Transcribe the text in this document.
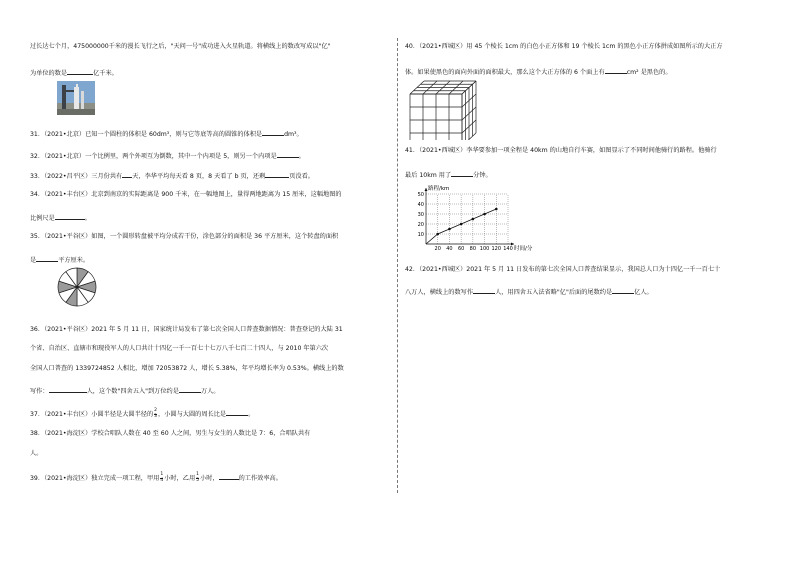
过长达七个月，475000000千米的漫长飞行之后，"天问一号"成功进入火星轨道。将横线上的数改写成以"亿"
为单位的数是	亿千米。
31．（2021•北京）已知一个圆柱的体积是 60dm³，则与它等底等高的圆锥的体积是	dm³。
32．（2021•北京）一个比例里，两个外项互为倒数，其中一个内项是 5，则另一个内项是	。
33．（2022•昌平区）三月份共有 天，李华平均每天看 8 页，8 天看了 b 页，还剩	页没看。
34．（2021•丰台区）北京到南京的实际距离是 900 千米，在一幅地图上，量得两地距离为 15 厘米，这幅地图的
比例尺是	。
35．（2021•平谷区）如图，一个圆形转盘被平均分成若干份，涂色部分的面积是 36 平方厘米，这个转盘的面积
是	平方厘米。
36．（2021•平谷区）2021 年 5 月 11 日，国家统计局发布了第七次全国人口普查数据情况：普查登记的大陆 31
个省、自治区、直辖市和现役军人的人口共计十四亿一千一百七十七万八千七百二十四人，与 2010 年第六次
全国人口普查的 1339724852 人相比，增加 72053872 人，增长 5.38%，年平均增长率为 0.53%。横线上的数
写作：	人，这个数"四舍五入"到万位约是	万人。
37．（2021•丰台区）小圆半径是大圆半径的 $\frac{2}{3}$ ，小圆与大圆的周长比是	。
38．（2021•海淀区）学校合唱队人数在 40 至 60 人之间，男生与女生的人数比是 7：6，合唱队共有
人。
39．（2021•海淀区）独立完成一项工程，甲用 $\frac{1}{4}$ 小时，乙用 $\frac{1}{5}$ 小时，	的工作效率高。
40．（2021•西城区）用 45 个棱长 1cm 的白色小正方体和 19 个棱长 1cm 的黑色小正方体拼成如图所示的大正方
体。如果使黑色的面向外面的面积最大，那么这个大正方体的 6 个面上有	cm² 是黑色的。
41．（2021•西城区）李华要参加一项全程是 40km 的山地自行车赛，如图显示了不同时间他骑行的路程。他骑行
最后 10km 用了	分钟。
路程/km
时间/分
10
20
30
40
50
20 40 60 80 100 120 140
42．（2021•西城区）2021 年 5 月 11 日发布的第七次全国人口普查结果显示，我国总人口为十四亿一千一百七十
八万人，横线上的数写作	人，用四舍五入法省略"亿"后面的尾数约是	亿人。
